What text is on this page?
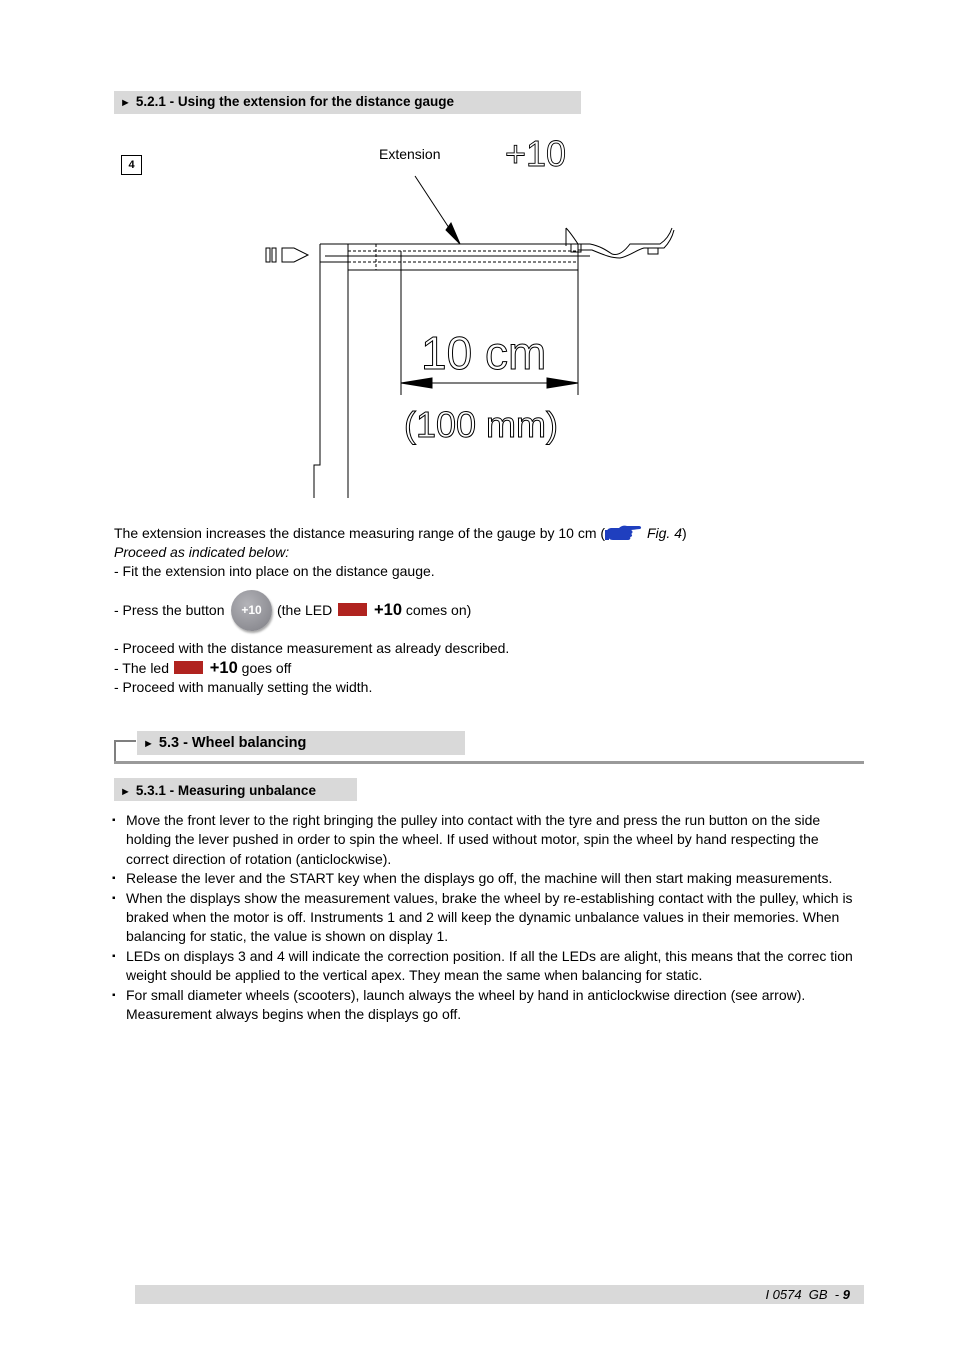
► 5.2.1 - Using the extension for the distance gauge
4
Extension +10
10 cm
(100 mm)
The extension increases the distance measuring range of the gauge by 10 cm (	Fig. 4)
Proceed as indicated below:
- Fit the extension into place on the distance gauge.
- Press the button	+10	(the LED	+10 comes on)
- Proceed with the distance measurement as already described.
- The led +10 goes off
- Proceed with manually setting the width.
► 5.3 - Wheel balancing
► 5.3.1 - Measuring unbalance
▪ Move the front lever to the right bringing the pulley into contact with the tyre and press the run button on the side holding the lever pushed in order to spin the wheel. If used without motor, spin the wheel by hand respecting the correct direction of rotation (anticlockwise).
▪ Release the lever and the START key when the displays go off, the machine will then start making measurements.
▪ When the displays show the measurement values, brake the wheel by re-establishing contact with the pulley, which is braked when the motor is off. Instruments 1 and 2 will keep the dynamic unbalance values in their memories. When balancing for static, the value is shown on display 1.
▪ LEDs on displays 3 and 4 will indicate the correction position. If all the LEDs are alight, this means that the correc tion weight should be applied to the vertical apex. They mean the same when balancing for static.
▪ For small diameter wheels (scooters), launch always the wheel by hand in anticlockwise direction (see arrow). Measurement always begins when the displays go off.
I 0574  GB  - 9
